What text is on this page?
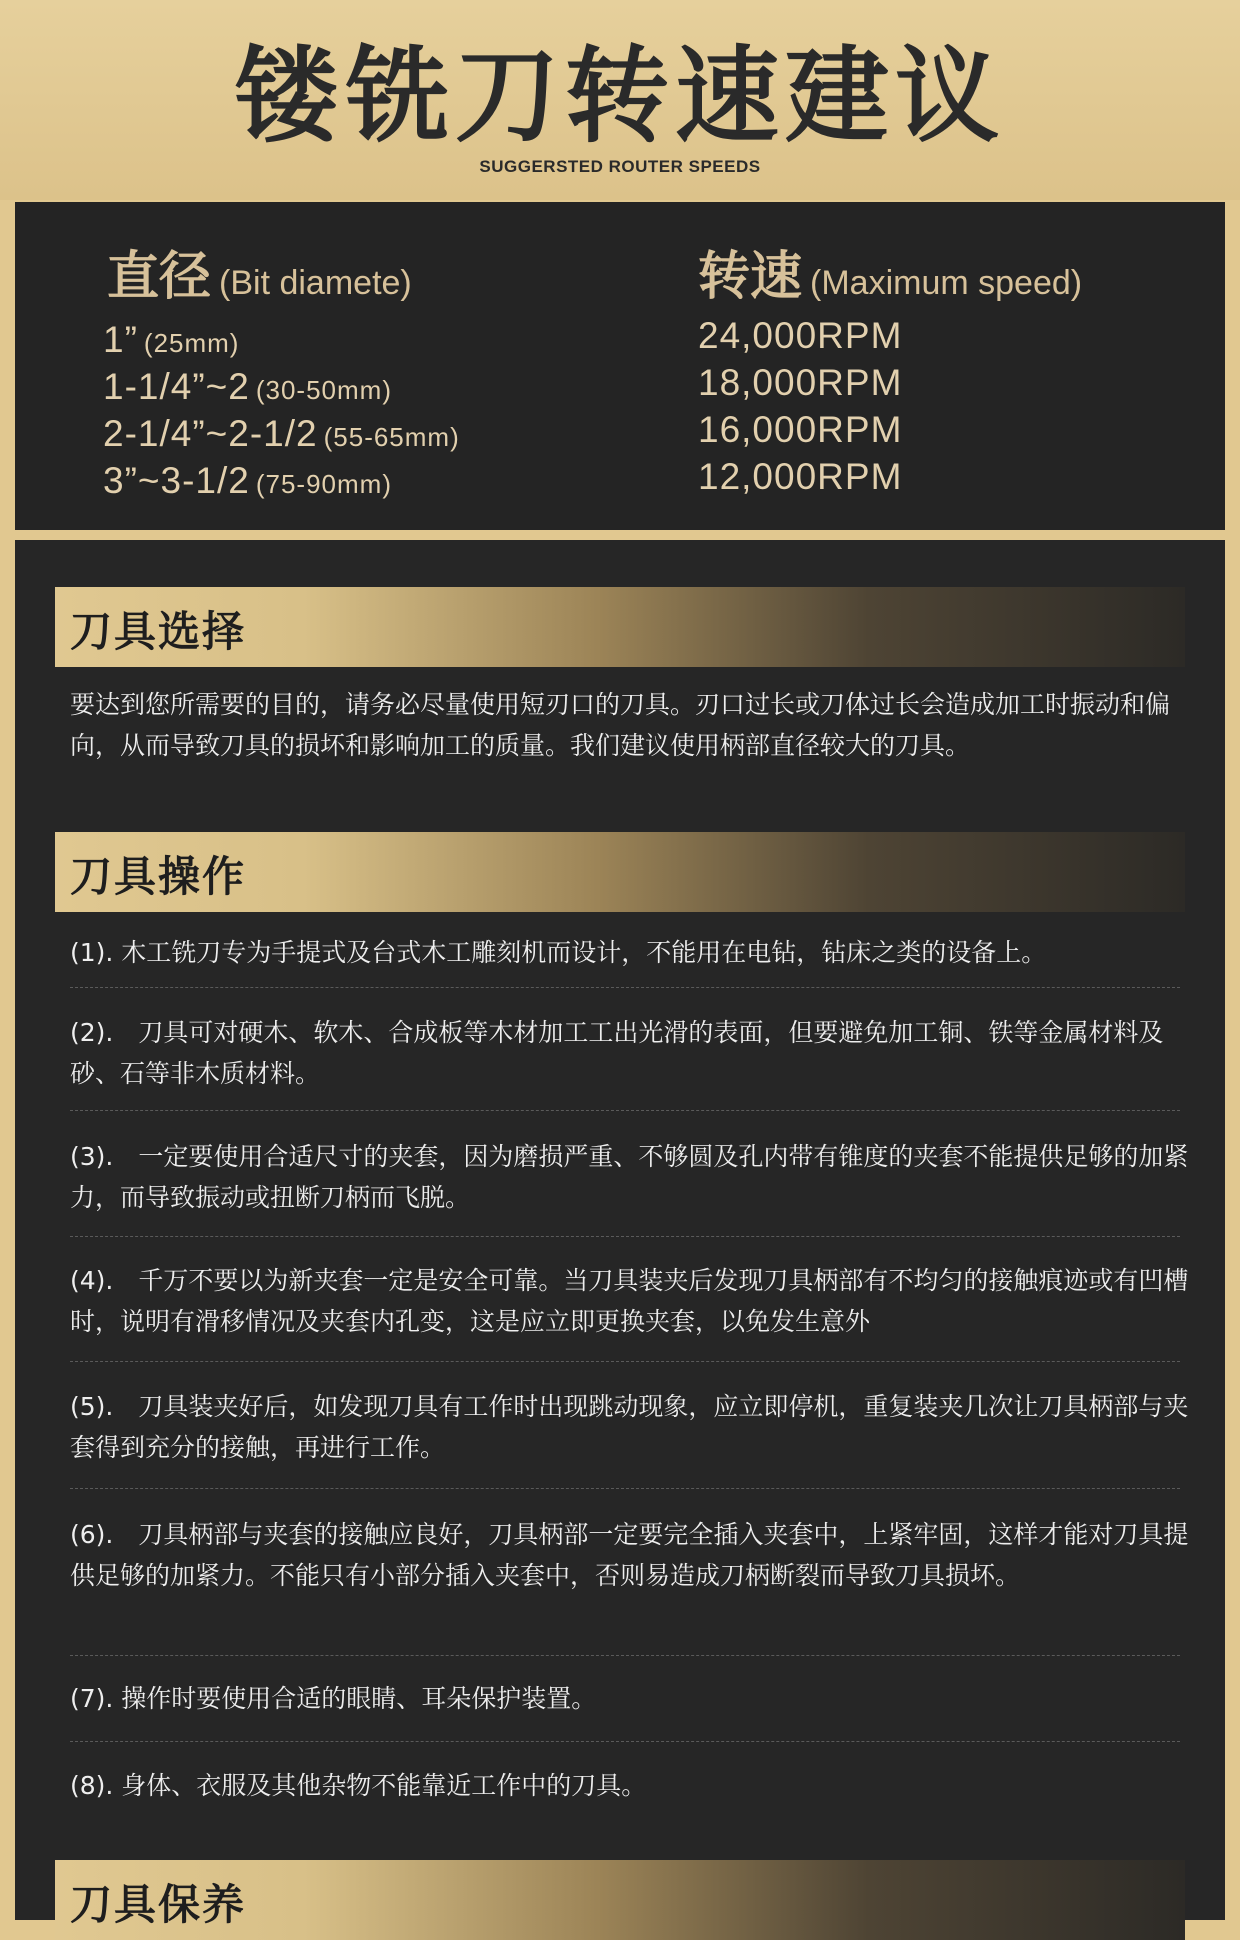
镂铣刀转速建议
SUGGERSTED ROUTER SPEEDS
直径 (Bit diamete)	转速 (Maximum speed)
1” (25mm)	24,000RPM
1-1/4”~2 (30-50mm)	18,000RPM
2-1/4”~2-1/2 (55-65mm)	16,000RPM
3”~3-1/2 (75-90mm)	12,000RPM
刀具选择
要达到您所需要的目的，请务必尽量使用短刃口的刀具。刃口过长或刀体过长会造成加工时振动和偏向，从而导致刀具的损坏和影响加工的质量。我们建议使用柄部直径较大的刀具。
刀具操作
(1). 木工铣刀专为手提式及台式木工雕刻机而设计，不能用在电钻，钻床之类的设备上。
(2).　刀具可对硬木、软木、合成板等木材加工工出光滑的表面，但要避免加工铜、铁等金属材料及砂、石等非木质材料。
(3).　一定要使用合适尺寸的夹套，因为磨损严重、不够圆及孔内带有锥度的夹套不能提供足够的加紧力，而导致振动或扭断刀柄而飞脱。
(4).　千万不要以为新夹套一定是安全可靠。当刀具装夹后发现刀具柄部有不均匀的接触痕迹或有凹槽时，说明有滑移情况及夹套内孔变，这是应立即更换夹套，以免发生意外
(5).　刀具装夹好后，如发现刀具有工作时出现跳动现象，应立即停机，重复装夹几次让刀具柄部与夹套得到充分的接触，再进行工作。
(6).　刀具柄部与夹套的接触应良好，刀具柄部一定要完全插入夹套中，上紧牢固，这样才能对刀具提供足够的加紧力。不能只有小部分插入夹套中，否则易造成刀柄断裂而导致刀具损坏。
(7). 操作时要使用合适的眼睛、耳朵保护装置。
(8). 身体、衣服及其他杂物不能靠近工作中的刀具。
刀具保养
